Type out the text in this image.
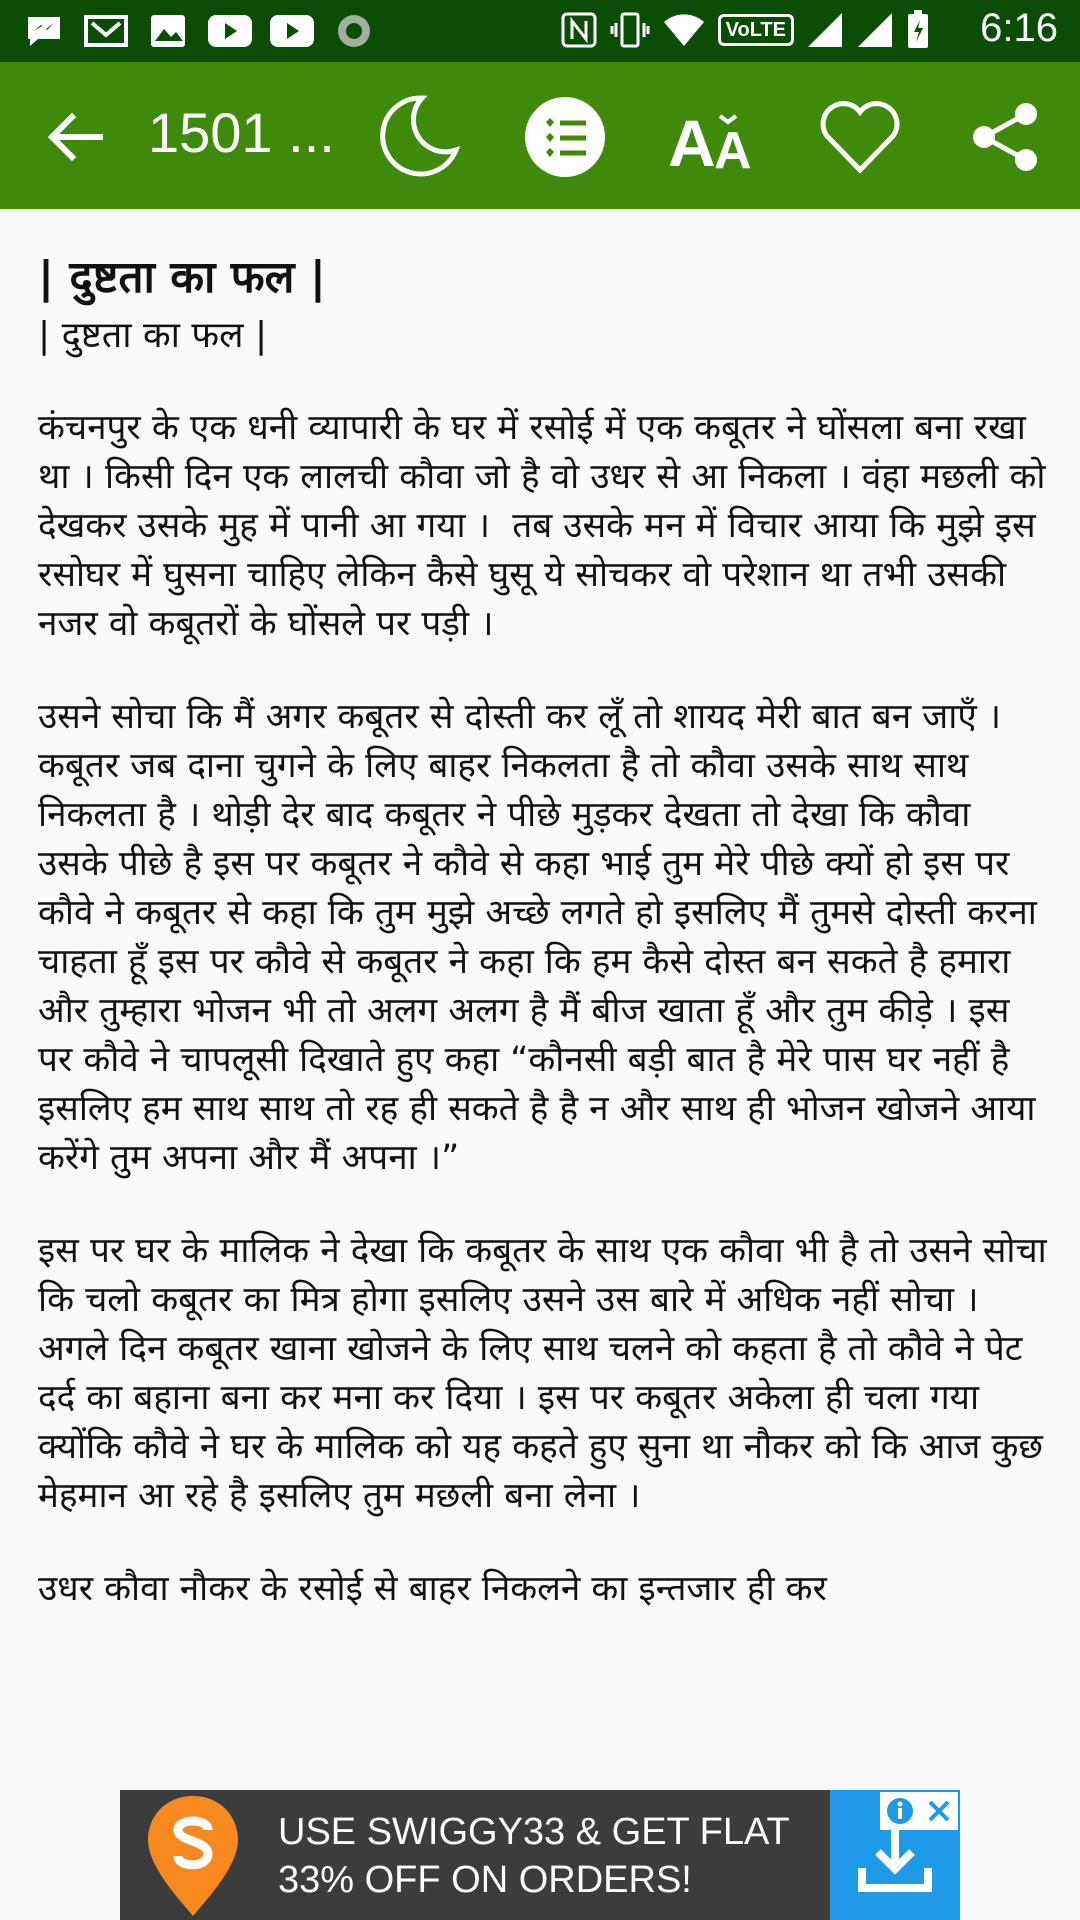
VoLTE	6:16
1501 ...	A
A
| दुष्टता का फल |

| दुष्टता का फल |

कंचनपुर के एक धनी व्यापारी के घर में रसोई में एक कबूतर ने घोंसला बना रखा था । किसी दिन एक लालची कौवा जो है वो उधर से आ निकला । वंहा मछली को देखकर उसके मुह में पानी आ गया ।  तब उसके मन में विचार आया कि मुझे इस रसोघर में घुसना चाहिए लेकिन कैसे घुसू ये सोचकर वो परेशान था तभी उसकी नजर वो कबूतरों के घोंसले पर पड़ी ।

उसने सोचा कि मैं अगर कबूतर से दोस्ती कर लूँ तो शायद मेरी बात बन जाएँ । कबूतर जब दाना चुगने के लिए बाहर निकलता है तो कौवा उसके साथ साथ निकलता है । थोड़ी देर बाद कबूतर ने पीछे मुड़कर देखता तो देखा कि कौवा उसके पीछे है इस पर कबूतर ने कौवे से कहा भाई तुम मेरे पीछे क्यों हो इस पर कौवे ने कबूतर से कहा कि तुम मुझे अच्छे लगते हो इसलिए मैं तुमसे दोस्ती करना चाहता हूँ इस पर कौवे से कबूतर ने कहा कि हम कैसे दोस्त बन सकते है हमारा और तुम्हारा भोजन भी तो अलग अलग है मैं बीज खाता हूँ और तुम कीड़े । इस पर कौवे ने चापलूसी दिखाते हुए कहा “कौनसी बड़ी बात है मेरे पास घर नहीं है इसलिए हम साथ साथ तो रह ही सकते है है न और साथ ही भोजन खोजने आया करेंगे तुम अपना और मैं अपना ।”

इस पर घर के मालिक ने देखा कि कबूतर के साथ एक कौवा भी है तो उसने सोचा कि चलो कबूतर का मित्र होगा इसलिए उसने उस बारे में अधिक नहीं सोचा । अगले दिन कबूतर खाना खोजने के लिए साथ चलने को कहता है तो कौवे ने पेट दर्द का बहाना बना कर मना कर दिया । इस पर कबूतर अकेला ही चला गया क्योंकि कौवे ने घर के मालिक को यह कहते हुए सुना था नौकर को कि आज कुछ मेहमान आ रहे है इसलिए तुम मछली बना लेना ।

उधर कौवा नौकर के रसोई से बाहर निकलने का इन्तजार ही कर

USE SWIGGY33 & GET FLAT
33% OFF ON ORDERS!
